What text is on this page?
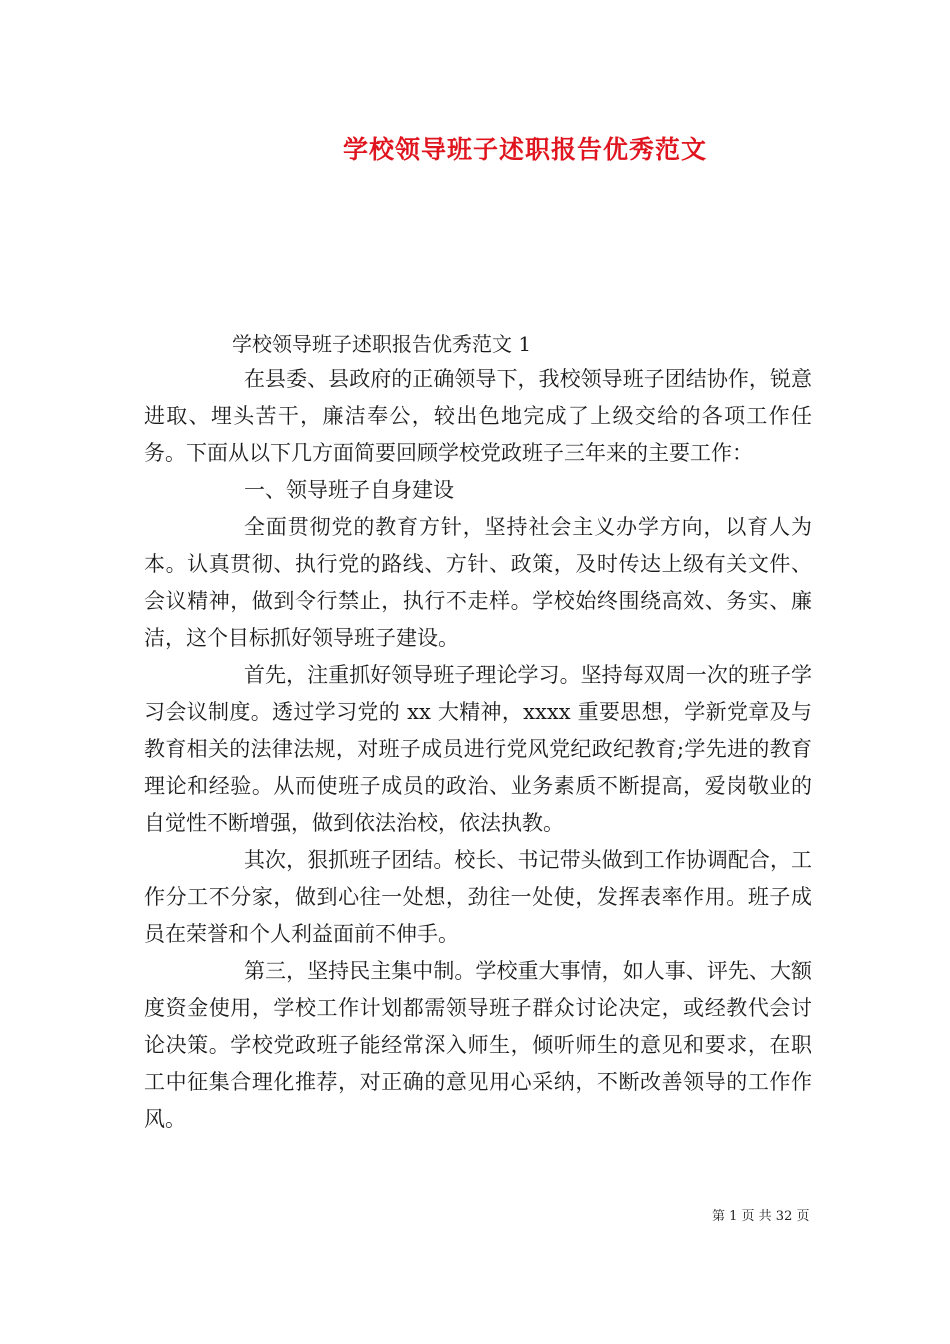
学校领导班子述职报告优秀范文

学校领导班子述职报告优秀范文 1

在县委、县政府的正确领导下，我校领导班子团结协作，锐意进取、埋头苦干，廉洁奉公，较出色地完成了上级交给的各项工作任务。下面从以下几方面简要回顾学校党政班子三年来的主要工作：

一、领导班子自身建设

全面贯彻党的教育方针，坚持社会主义办学方向，以育人为本。认真贯彻、执行党的路线、方针、政策，及时传达上级有关文件、会议精神，做到令行禁止，执行不走样。学校始终围绕高效、务实、廉洁，这个目标抓好领导班子建设。

首先，注重抓好领导班子理论学习。坚持每双周一次的班子学习会议制度。透过学习党的 xx 大精神，xxxx 重要思想，学新党章及与教育相关的法律法规，对班子成员进行党风党纪政纪教育;学先进的教育理论和经验。从而使班子成员的政治、业务素质不断提高，爱岗敬业的自觉性不断增强，做到依法治校，依法执教。

其次，狠抓班子团结。校长、书记带头做到工作协调配合，工作分工不分家，做到心往一处想，劲往一处使，发挥表率作用。班子成员在荣誉和个人利益面前不伸手。

第三，坚持民主集中制。学校重大事情，如人事、评先、大额度资金使用，学校工作计划都需领导班子群众讨论决定，或经教代会讨论决策。学校党政班子能经常深入师生，倾听师生的意见和要求，在职工中征集合理化推荐，对正确的意见用心采纳，不断改善领导的工作作风。

第 1 页 共 32 页
